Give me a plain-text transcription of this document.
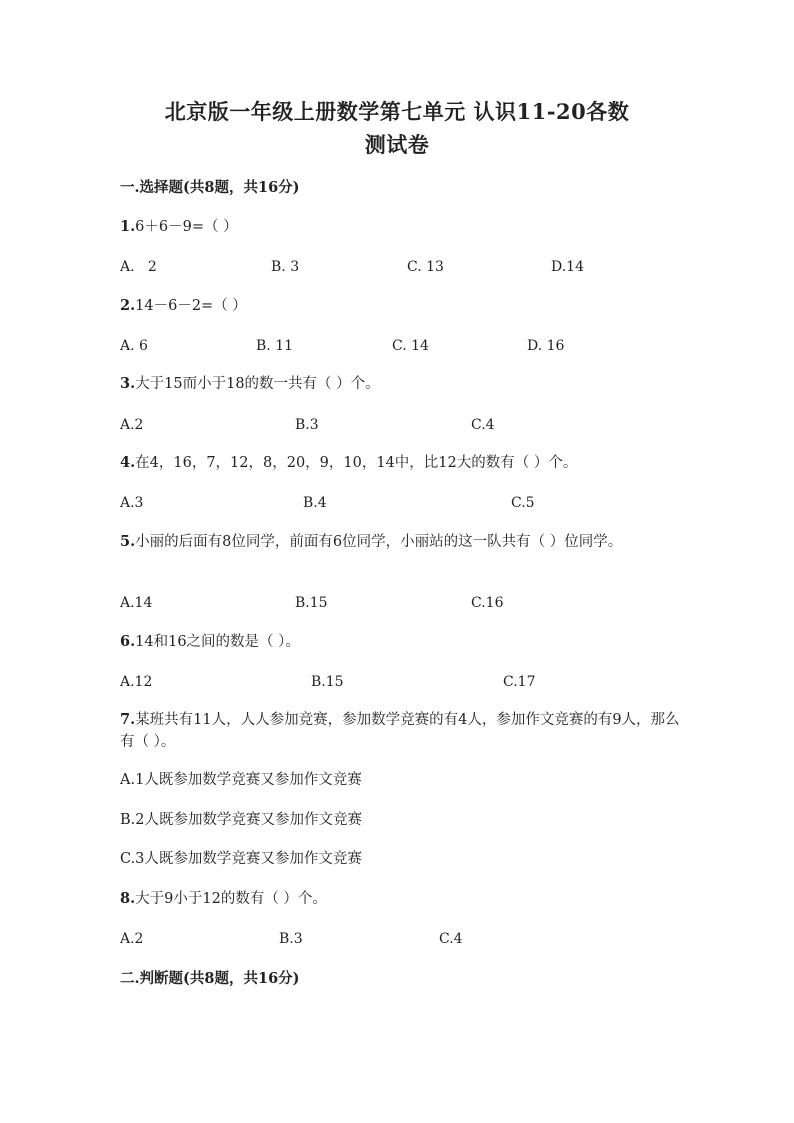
北京版一年级上册数学第七单元 认识11-20各数
测试卷
一.选择题(共8题，共16分)
1.6＋6－9=（ ）
A.   2	B. 3	C. 13	D.14
2.14－6－2=（ ）
A. 6	B. 11	C. 14	D. 16
3.大于15而小于18的数一共有（ ）个。
A.2	B.3	C.4
4.在4，16，7，12，8，20，9，10，14中，比12大的数有（ ）个。
A.3	B.4	C.5
5.小丽的后面有8位同学，前面有6位同学，小丽站的这一队共有（ ）位同学。
A.14	B.15	C.16
6.14和16之间的数是（ ）。
A.12	B.15	C.17
7.某班共有11人，人人参加竞赛，参加数学竞赛的有4人，参加作文竞赛的有9人，那么有（ ）。
A.1人既参加数学竞赛又参加作文竞赛
B.2人既参加数学竞赛又参加作文竞赛
C.3人既参加数学竞赛又参加作文竞赛
8.大于9小于12的数有（ ）个。
A.2	B.3	C.4
二.判断题(共8题，共16分)
